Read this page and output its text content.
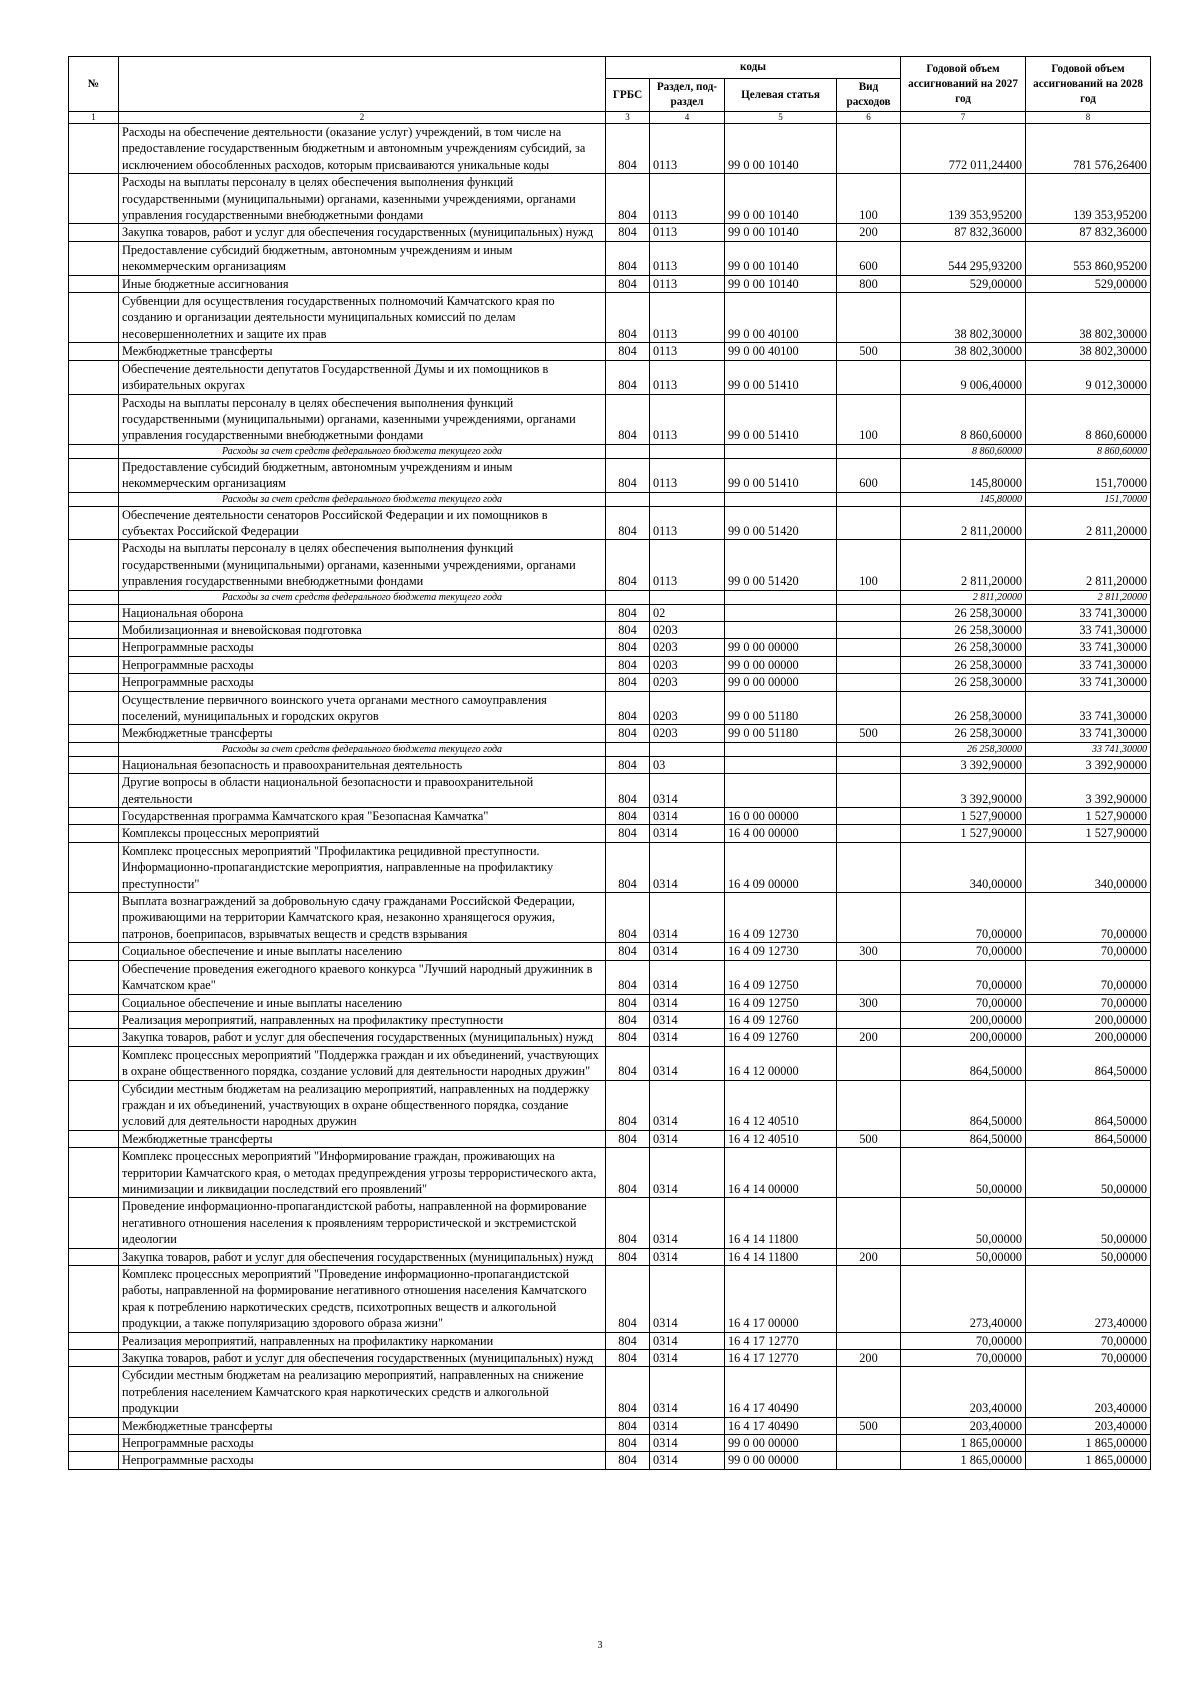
№		коды				Годовой объем ассигнований на 2027 год	Годовой объем ассигнований на 2028 год
		ГРБС	Раздел, под-раздел	Целевая статья	Вид расходов		
1	2	3	4	5	6	7	8
	Расходы на обеспечение деятельности (оказание услуг) учреждений, в том числе на предоставление государственным бюджетным и автономным учреждениям субсидий, за исключением обособленных расходов, которым присваиваются уникальные коды	804	0113	99 0 00 10140		772 011,24400	781 576,26400
	Расходы на выплаты персоналу в целях обеспечения выполнения функций государственными (муниципальными) органами, казенными учреждениями, органами управления государственными внебюджетными фондами	804	0113	99 0 00 10140	100	139 353,95200	139 353,95200
	Закупка товаров, работ и услуг для обеспечения государственных (муниципальных) нужд	804	0113	99 0 00 10140	200	87 832,36000	87 832,36000
	Предоставление субсидий бюджетным, автономным учреждениям и иным некоммерческим организациям	804	0113	99 0 00 10140	600	544 295,93200	553 860,95200
	Иные бюджетные ассигнования	804	0113	99 0 00 10140	800	529,00000	529,00000
	Субвенции для осуществления государственных полномочий Камчатского края по созданию и организации деятельности муниципальных комиссий по делам несовершеннолетних и защите их прав	804	0113	99 0 00 40100		38 802,30000	38 802,30000
	Межбюджетные трансферты	804	0113	99 0 00 40100	500	38 802,30000	38 802,30000
	Обеспечение деятельности депутатов Государственной Думы и их помощников в избирательных округах	804	0113	99 0 00 51410		9 006,40000	9 012,30000
	Расходы на выплаты персоналу в целях обеспечения выполнения функций государственными (муниципальными) органами, казенными учреждениями, органами управления государственными внебюджетными фондами	804	0113	99 0 00 51410	100	8 860,60000	8 860,60000
	Расходы за счет средств федерального бюджета текущего года					8 860,60000	8 860,60000
	Предоставление субсидий бюджетным, автономным учреждениям и иным некоммерческим организациям	804	0113	99 0 00 51410	600	145,80000	151,70000
	Расходы за счет средств федерального бюджета текущего года					145,80000	151,70000
	Обеспечение деятельности сенаторов Российской Федерации и их помощников в субъектах Российской Федерации	804	0113	99 0 00 51420		2 811,20000	2 811,20000
	Расходы на выплаты персоналу в целях обеспечения выполнения функций государственными (муниципальными) органами, казенными учреждениями, органами управления государственными внебюджетными фондами	804	0113	99 0 00 51420	100	2 811,20000	2 811,20000
	Расходы за счет средств федерального бюджета текущего года					2 811,20000	2 811,20000
	Национальная оборона	804	02			26 258,30000	33 741,30000
	Мобилизационная и вневойсковая подготовка	804	0203			26 258,30000	33 741,30000
	Непрограммные расходы	804	0203	99 0 00 00000		26 258,30000	33 741,30000
	Непрограммные расходы	804	0203	99 0 00 00000		26 258,30000	33 741,30000
	Непрограммные расходы	804	0203	99 0 00 00000		26 258,30000	33 741,30000
	Осуществление первичного воинского учета органами местного самоуправления поселений, муниципальных и городских округов	804	0203	99 0 00 51180		26 258,30000	33 741,30000
	Межбюджетные трансферты	804	0203	99 0 00 51180	500	26 258,30000	33 741,30000
	Расходы за счет средств федерального бюджета текущего года					26 258,30000	33 741,30000
	Национальная безопасность и правоохранительная деятельность	804	03			3 392,90000	3 392,90000
	Другие вопросы в области национальной безопасности и правоохранительной деятельности	804	0314			3 392,90000	3 392,90000
	Государственная программа Камчатского края "Безопасная Камчатка"	804	0314	16 0 00 00000		1 527,90000	1 527,90000
	Комплексы процессных мероприятий	804	0314	16 4 00 00000		1 527,90000	1 527,90000
	Комплекс процессных мероприятий "Профилактика рецидивной преступности. Информационно-пропагандистские мероприятия, направленные на профилактику преступности"	804	0314	16 4 09 00000		340,00000	340,00000
	Выплата вознаграждений за добровольную сдачу гражданами Российской Федерации, проживающими на территории Камчатского края, незаконно хранящегося оружия, патронов, боеприпасов, взрывчатых веществ и средств взрывания	804	0314	16 4 09 12730		70,00000	70,00000
	Социальное обеспечение и иные выплаты населению	804	0314	16 4 09 12730	300	70,00000	70,00000
	Обеспечение проведения ежегодного краевого конкурса "Лучший народный дружинник в Камчатском крае"	804	0314	16 4 09 12750		70,00000	70,00000
	Социальное обеспечение и иные выплаты населению	804	0314	16 4 09 12750	300	70,00000	70,00000
	Реализация мероприятий, направленных на профилактику преступности	804	0314	16 4 09 12760		200,00000	200,00000
	Закупка товаров, работ и услуг для обеспечения государственных (муниципальных) нужд	804	0314	16 4 09 12760	200	200,00000	200,00000
	Комплекс процессных мероприятий "Поддержка граждан и их объединений, участвующих в охране общественного порядка, создание условий для деятельности народных дружин"	804	0314	16 4 12 00000		864,50000	864,50000
	Субсидии местным бюджетам на реализацию мероприятий, направленных на поддержку граждан и их объединений, участвующих в охране общественного порядка, создание условий для деятельности народных дружин	804	0314	16 4 12 40510		864,50000	864,50000
	Межбюджетные трансферты	804	0314	16 4 12 40510	500	864,50000	864,50000
	Комплекс процессных мероприятий "Информирование граждан, проживающих на территории Камчатского края, о методах предупреждения угрозы террористического акта, минимизации и ликвидации последствий его проявлений"	804	0314	16 4 14 00000		50,00000	50,00000
	Проведение информационно-пропагандистской работы, направленной на формирование негативного отношения населения к проявлениям террористической и экстремистской идеологии	804	0314	16 4 14 11800		50,00000	50,00000
	Закупка товаров, работ и услуг для обеспечения государственных (муниципальных) нужд	804	0314	16 4 14 11800	200	50,00000	50,00000
	Комплекс процессных мероприятий "Проведение информационно-пропагандистской работы, направленной на формирование негативного отношения населения Камчатского края к потреблению наркотических средств, психотропных веществ и алкогольной продукции, а также популяризацию здорового образа жизни"	804	0314	16 4 17 00000		273,40000	273,40000
	Реализация мероприятий, направленных на профилактику наркомании	804	0314	16 4 17 12770		70,00000	70,00000
	Закупка товаров, работ и услуг для обеспечения государственных (муниципальных) нужд	804	0314	16 4 17 12770	200	70,00000	70,00000
	Субсидии местным бюджетам на реализацию мероприятий, направленных на снижение потребления населением Камчатского края наркотических средств и алкогольной продукции	804	0314	16 4 17 40490		203,40000	203,40000
	Межбюджетные трансферты	804	0314	16 4 17 40490	500	203,40000	203,40000
	Непрограммные расходы	804	0314	99 0 00 00000		1 865,00000	1 865,00000
	Непрограммные расходы	804	0314	99 0 00 00000		1 865,00000	1 865,00000
3
